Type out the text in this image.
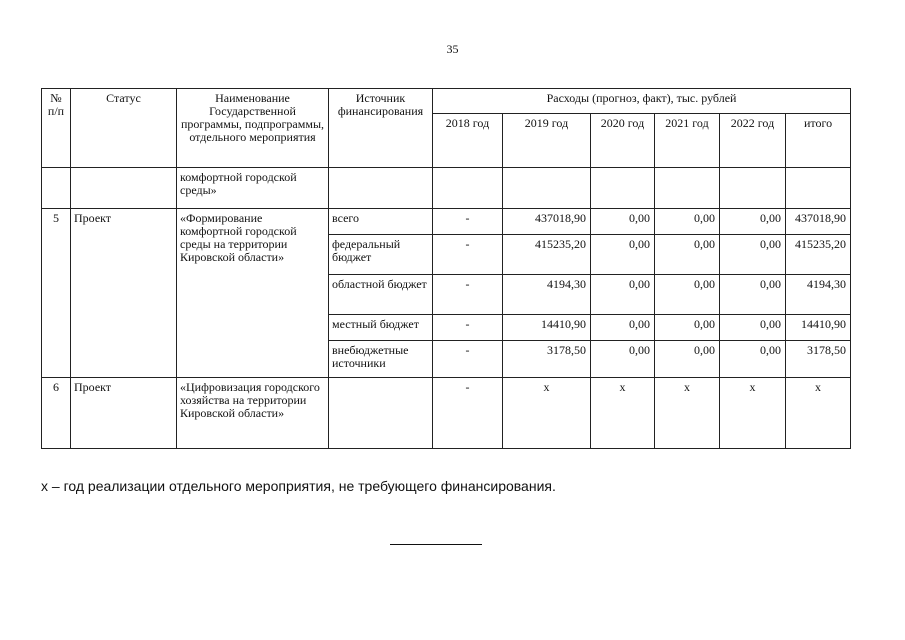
35
№ п/п	Статус	Наименование Государственной программы, подпрограммы, отдельного мероприятия	Источник финансирования	Расходы (прогноз, факт), тыс. рублей					
				2018 год	2019 год	2020 год	2021 год	2022 год	итого
		комфортной городской среды»							
5	Проект	«Формирование комфортной городской среды на территории Кировской области»	всего	-	437018,90	0,00	0,00	0,00	437018,90
			федеральный бюджет	-	415235,20	0,00	0,00	0,00	415235,20
			областной бюджет	-	4194,30	0,00	0,00	0,00	4194,30
			местный бюджет	-	14410,90	0,00	0,00	0,00	14410,90
			внебюджетные источники	-	3178,50	0,00	0,00	0,00	3178,50
6	Проект	«Цифровизация городского хозяйства на территории Кировской области»		-	x	x	x	x	x
x – год реализации отдельного мероприятия, не требующего финансирования.
